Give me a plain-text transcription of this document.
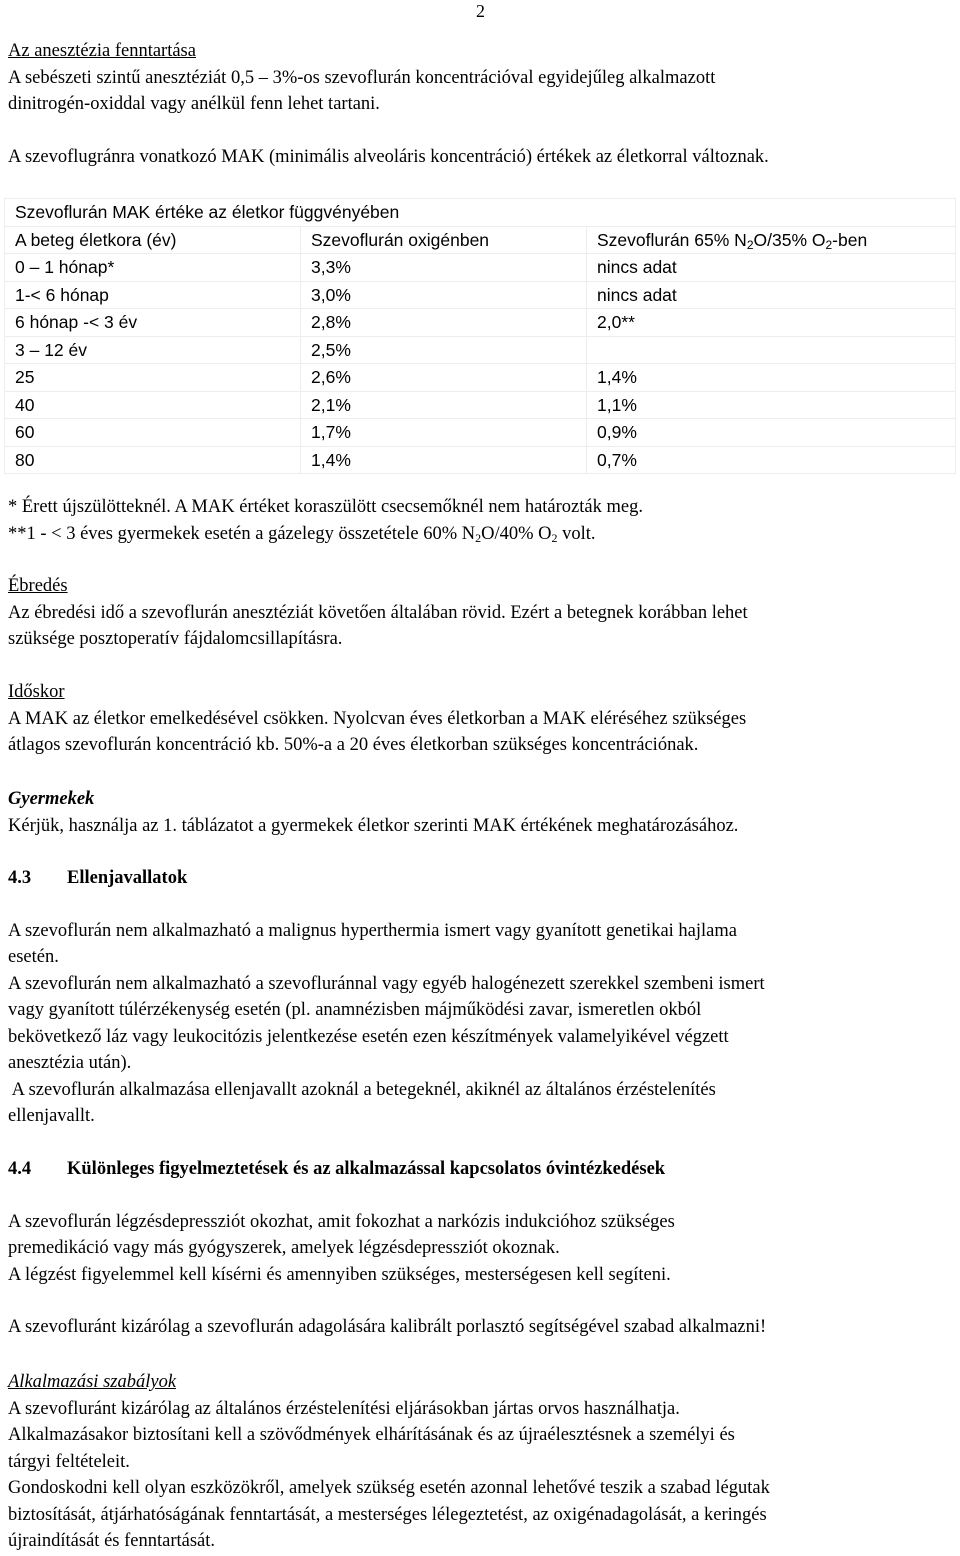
2

Az anesztézia fenntartása

A sebészeti szintű anesztéziát 0,5 – 3%-os szevoflurán koncentrációval egyidejűleg alkalmazott

dinitrogén-oxiddal vagy anélkül fenn lehet tartani.

A szevoflugránra vonatkozó MAK (minimális alveoláris koncentráció) értékek az életkorral változnak.

Szevoflurán MAK értéke az életkor függvényében		
A beteg életkora (év)	Szevoflurán oxigénben	Szevoflurán 65% $N_2O/35\%$ $O_2$-ben
0 – 1 hónap*	3,3%	nincs adat
1-< 6 hónap	3,0%	nincs adat
6 hónap -< 3 év	2,8%	2,0**
3 – 12 év	2,5%	
25	2,6%	1,4%
40	2,1%	1,1%
60	1,7%	0,9%
80	1,4%	0,7%

* Érett újszülötteknél. A MAK értéket koraszülött csecsemőknél nem határozták meg.

**1 - < 3 éves gyermekek esetén a gázelegy összetétele 60% $N_2O/40\%$ $O_2$ volt.

Ébredés

Az ébredési idő a szevoflurán anesztéziát követően általában rövid. Ezért a betegnek korábban lehet

szüksége posztoperatív fájdalomcsillapításra.

Időskor

A MAK az életkor emelkedésével csökken. Nyolcvan éves életkorban a MAK eléréséhez szükséges

átlagos szevoflurán koncentráció kb. 50%-a a 20 éves életkorban szükséges koncentrációnak.

Gyermekek

Kérjük, használja az 1. táblázatot a gyermekek életkor szerinti MAK értékének meghatározásához.

4.3 Ellenjavallatok

A szevoflurán nem alkalmazható a malignus hyperthermia ismert vagy gyanított genetikai hajlama

esetén.

A szevoflurán nem alkalmazható a szevofluránnal vagy egyéb halogénezett szerekkel szembeni ismert

vagy gyanított túlérzékenység esetén (pl. anamnézisben májműködési zavar, ismeretlen okból

bekövetkező láz vagy leukocitózis jelentkezése esetén ezen készítmények valamelyikével végzett

anesztézia után).

A szevoflurán alkalmazása ellenjavallt azoknál a betegeknél, akiknél az általános érzéstelenítés

ellenjavallt.

4.4 Különleges figyelmeztetések és az alkalmazással kapcsolatos óvintézkedések

A szevoflurán légzésdepressziót okozhat, amit fokozhat a narkózis indukcióhoz szükséges

premedikáció vagy más gyógyszerek, amelyek légzésdepressziót okoznak.

A légzést figyelemmel kell kísérni és amennyiben szükséges, mesterségesen kell segíteni.

A szevofluránt kizárólag a szevoflurán adagolására kalibrált porlasztó segítségével szabad alkalmazni!

Alkalmazási szabályok

A szevofluránt kizárólag az általános érzéstelenítési eljárásokban jártas orvos használhatja.

Alkalmazásakor biztosítani kell a szövődmények elhárításának és az újraélesztésnek a személyi és

tárgyi feltételeit.

Gondoskodni kell olyan eszközökről, amelyek szükség esetén azonnal lehetővé teszik a szabad légutak

biztosítását, átjárhatóságának fenntartását, a mesterséges lélegeztetést, az oxigénadagolását, a keringés

újraindítását és fenntartását.
